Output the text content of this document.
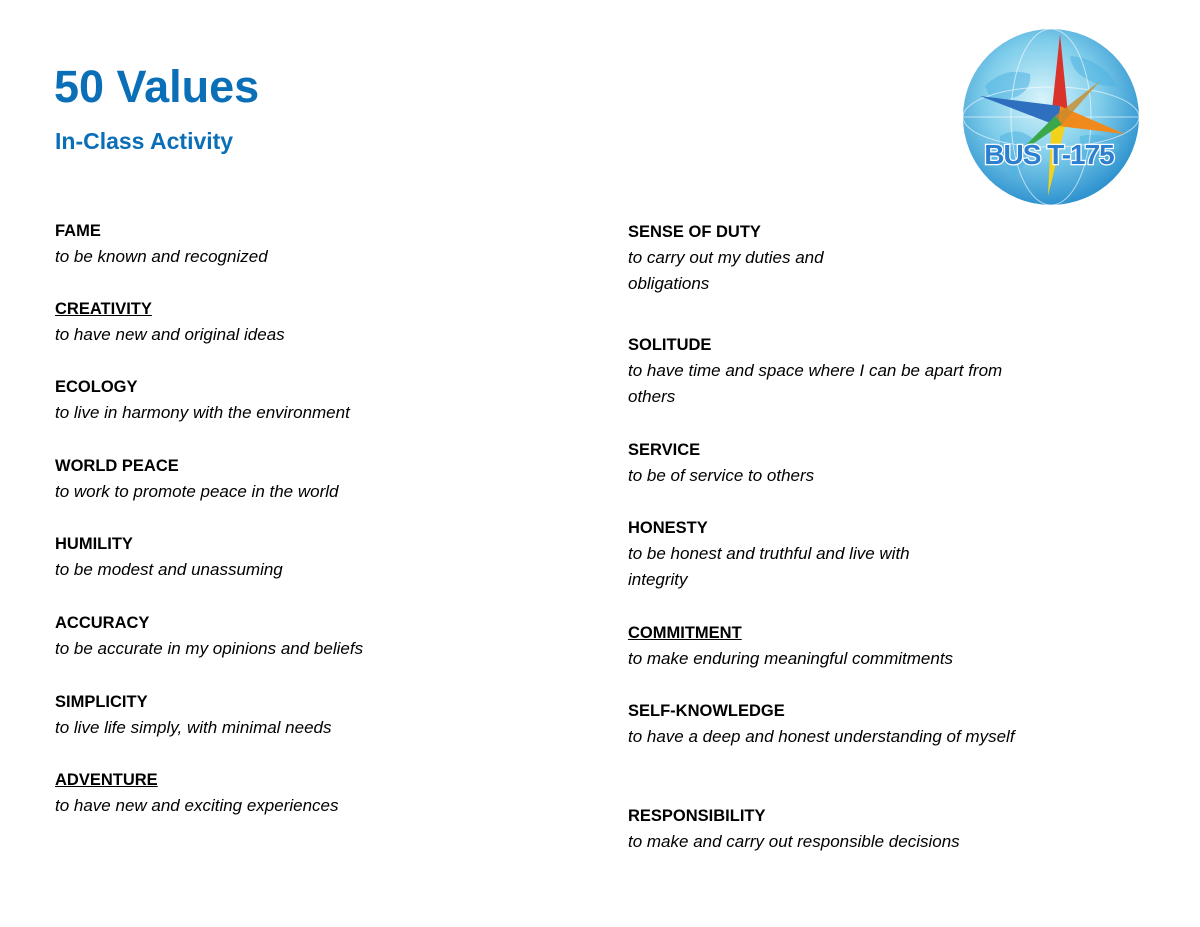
50 Values
In-Class Activity	BUS T-175
FAME
to be known and recognized
CREATIVITY
to have new and original ideas
ECOLOGY
to live in harmony with the environment
WORLD PEACE
to work to promote peace in the world
HUMILITY
to be modest and unassuming
ACCURACY
to be accurate in my opinions and beliefs
SIMPLICITY
to live life simply, with minimal needs
ADVENTURE
to have new and exciting experiences
SENSE OF DUTY
to carry out my duties and obligations
SOLITUDE
to have time and space where I can be apart from others
SERVICE
to be of service to others
HONESTY
to be honest and truthful and live with integrity
COMMITMENT
to make enduring meaningful commitments
SELF-KNOWLEDGE
to have a deep and honest understanding of myself
RESPONSIBILITY
to make and carry out responsible decisions
